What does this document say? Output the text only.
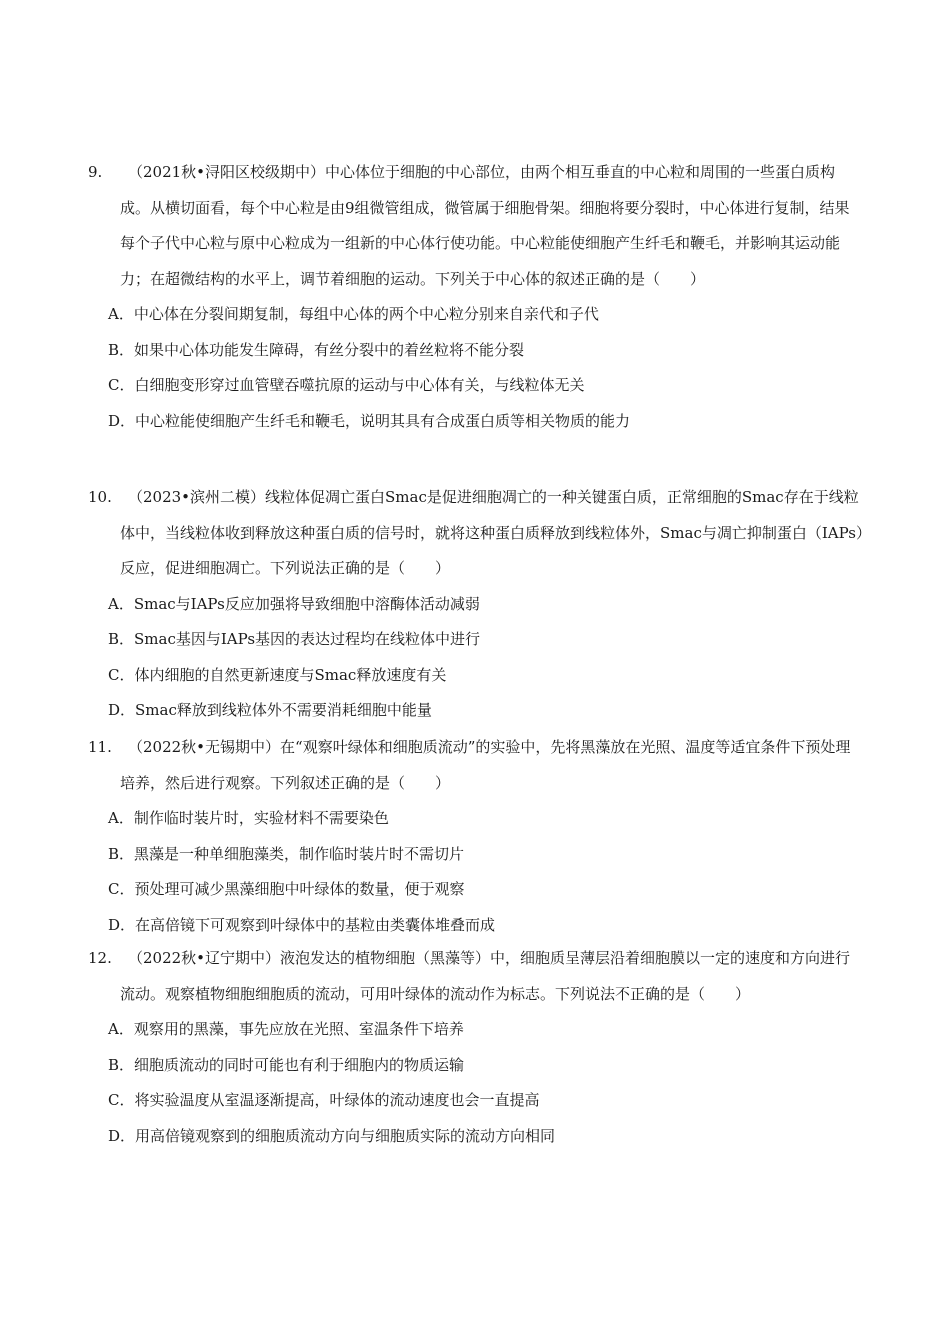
9.	（2021秋•浔阳区校级期中）中心体位于细胞的中心部位，由两个相互垂直的中心粒和周围的一些蛋白质构成。从横切面看，每个中心粒是由9组微管组成，微管属于细胞骨架。细胞将要分裂时，中心体进行复制，结果每个子代中心粒与原中心粒成为一组新的中心体行使功能。中心粒能使细胞产生纤毛和鞭毛，并影响其运动能力；在超微结构的水平上，调节着细胞的运动。下列关于中心体的叙述正确的是（　　）
A．中心体在分裂间期复制，每组中心体的两个中心粒分别来自亲代和子代
B．如果中心体功能发生障碍，有丝分裂中的着丝粒将不能分裂
C．白细胞变形穿过血管壁吞噬抗原的运动与中心体有关，与线粒体无关
D．中心粒能使细胞产生纤毛和鞭毛，说明其具有合成蛋白质等相关物质的能力
10.	（2023•滨州二模）线粒体促凋亡蛋白Smac是促进细胞凋亡的一种关键蛋白质，正常细胞的Smac存在于线粒体中，当线粒体收到释放这种蛋白质的信号时，就将这种蛋白质释放到线粒体外，Smac与凋亡抑制蛋白（IAPs）反应，促进细胞凋亡。下列说法正确的是（　　）
A．Smac与IAPs反应加强将导致细胞中溶酶体活动减弱
B．Smac基因与IAPs基因的表达过程均在线粒体中进行
C．体内细胞的自然更新速度与Smac释放速度有关
D．Smac释放到线粒体外不需要消耗细胞中能量
11.	（2022秋•无锡期中）在“观察叶绿体和细胞质流动”的实验中，先将黑藻放在光照、温度等适宜条件下预处理培养，然后进行观察。下列叙述正确的是（　　）
A．制作临时装片时，实验材料不需要染色
B．黑藻是一种单细胞藻类，制作临时装片时不需切片
C．预处理可减少黑藻细胞中叶绿体的数量，便于观察
D．在高倍镜下可观察到叶绿体中的基粒由类囊体堆叠而成
12.	（2022秋•辽宁期中）液泡发达的植物细胞（黑藻等）中，细胞质呈薄层沿着细胞膜以一定的速度和方向进行流动。观察植物细胞细胞质的流动，可用叶绿体的流动作为标志。下列说法不正确的是（　　）
A．观察用的黑藻，事先应放在光照、室温条件下培养
B．细胞质流动的同时可能也有利于细胞内的物质运输
C．将实验温度从室温逐渐提高，叶绿体的流动速度也会一直提高
D．用高倍镜观察到的细胞质流动方向与细胞质实际的流动方向相同
